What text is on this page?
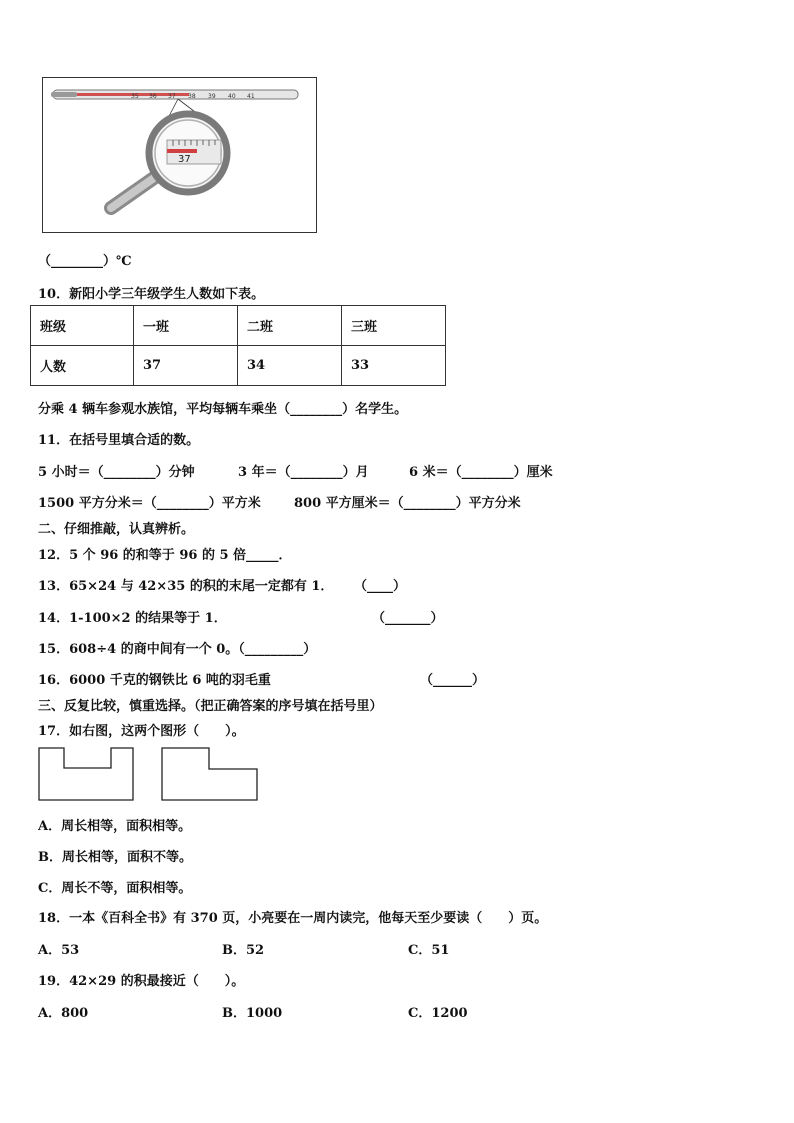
35 36 37 38 39 40 41
37
（________）℃
10．新阳小学三年级学生人数如下表。
班级	一班	二班	三班
人数	37	34	33
分乘 4 辆车参观水族馆，平均每辆车乘坐（________）名学生。
11．在括号里填合适的数。
5 小时＝（________）分钟	3 年＝（________）月	6 米＝（________）厘米
1500 平方分米＝（________）平方米	800 平方厘米＝（________）平方分米
二、仔细推敲，认真辨析。
12．5 个 96 的和等于 96 的 5 倍_____．
13．65×24 与 42×35 的积的末尾一定都有 1． （____）
14．1-100×2 的结果等于 1．	（_______）
15．608÷4 的商中间有一个 0。（_________）
16．6000 千克的钢铁比 6 吨的羽毛重	（______）
三、反复比较，慎重选择。（把正确答案的序号填在括号里）
17．如右图，这两个图形（　　）。
A．周长相等，面积相等。
B．周长相等，面积不等。
C．周长不等，面积相等。
18．一本《百科全书》有 370 页，小亮要在一周内读完，他每天至少要读（　　）页。
A．53	B．52	C．51
19．42×29 的积最接近（　　）。
A．800	B．1000	C．1200
